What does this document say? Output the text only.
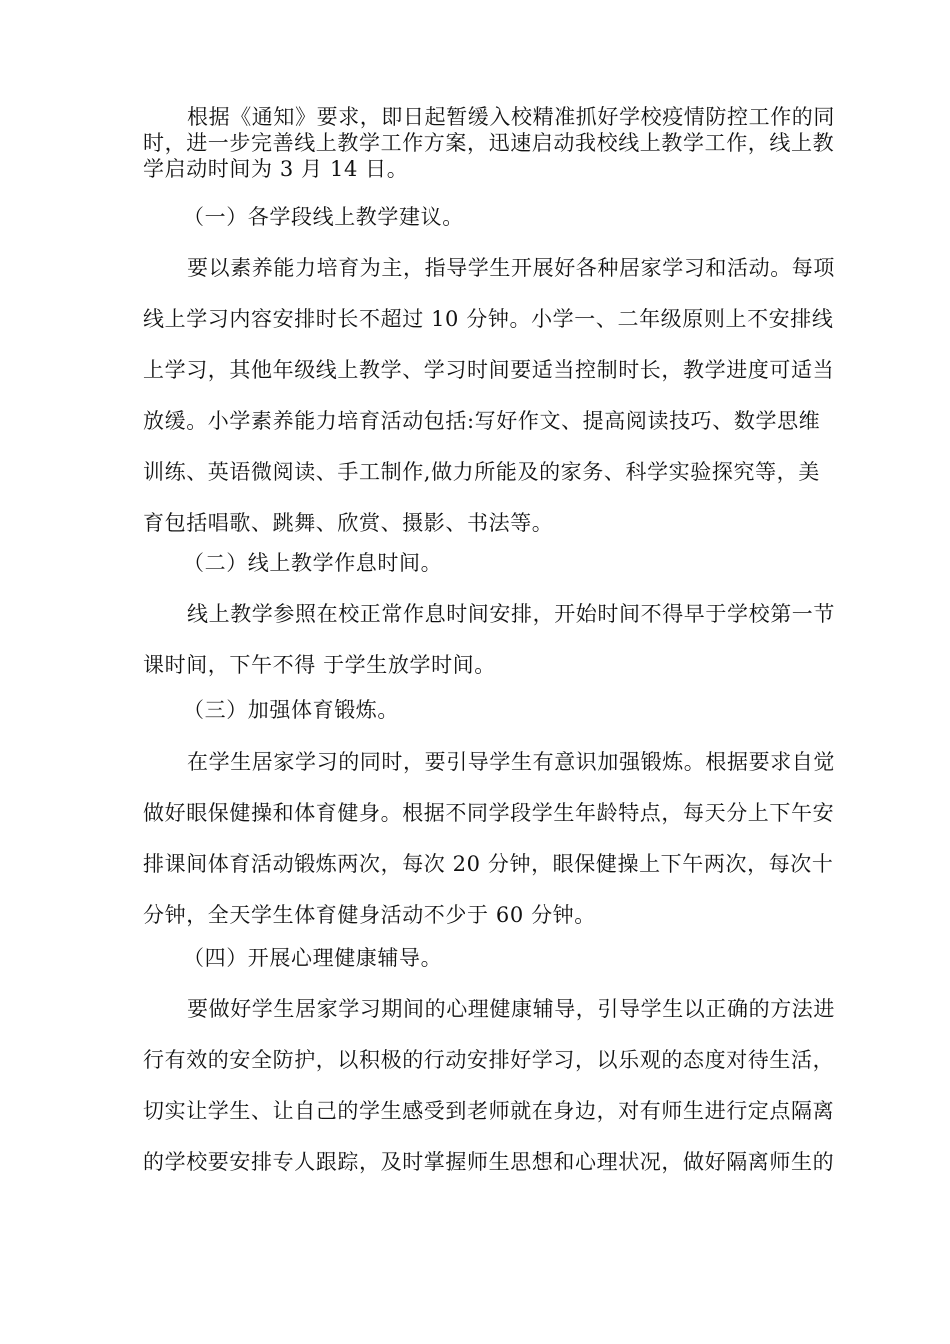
根据《通知》要求，即日起暂缓入校精准抓好学校疫情防控工作的同
时，进一步完善线上教学工作方案，迅速启动我校线上教学工作，线上教
学启动时间为 3 月 14 日。
（一）各学段线上教学建议。
要以素养能力培育为主，指导学生开展好各种居家学习和活动。每项
线上学习内容安排时长不超过 10 分钟。小学一、二年级原则上不安排线
上学习，其他年级线上教学、学习时间要适当控制时长，教学进度可适当
放缓。小学素养能力培育活动包括:写好作文、提高阅读技巧、数学思维
训练、英语微阅读、手工制作,做力所能及的家务、科学实验探究等，美
育包括唱歌、跳舞、欣赏、摄影、书法等。
（二）线上教学作息时间。
线上教学参照在校正常作息时间安排，开始时间不得早于学校第一节
课时间，下午不得 于学生放学时间。
（三）加强体育锻炼。
在学生居家学习的同时，要引导学生有意识加强锻炼。根据要求自觉
做好眼保健操和体育健身。根据不同学段学生年龄特点，每天分上下午安
排课间体育活动锻炼两次，每次 20 分钟，眼保健操上下午两次，每次十
分钟，全天学生体育健身活动不少于 60 分钟。
（四）开展心理健康辅导。
要做好学生居家学习期间的心理健康辅导，引导学生以正确的方法进
行有效的安全防护，以积极的行动安排好学习，以乐观的态度对待生活，
切实让学生、让自己的学生感受到老师就在身边，对有师生进行定点隔离
的学校要安排专人跟踪，及时掌握师生思想和心理状况，做好隔离师生的
